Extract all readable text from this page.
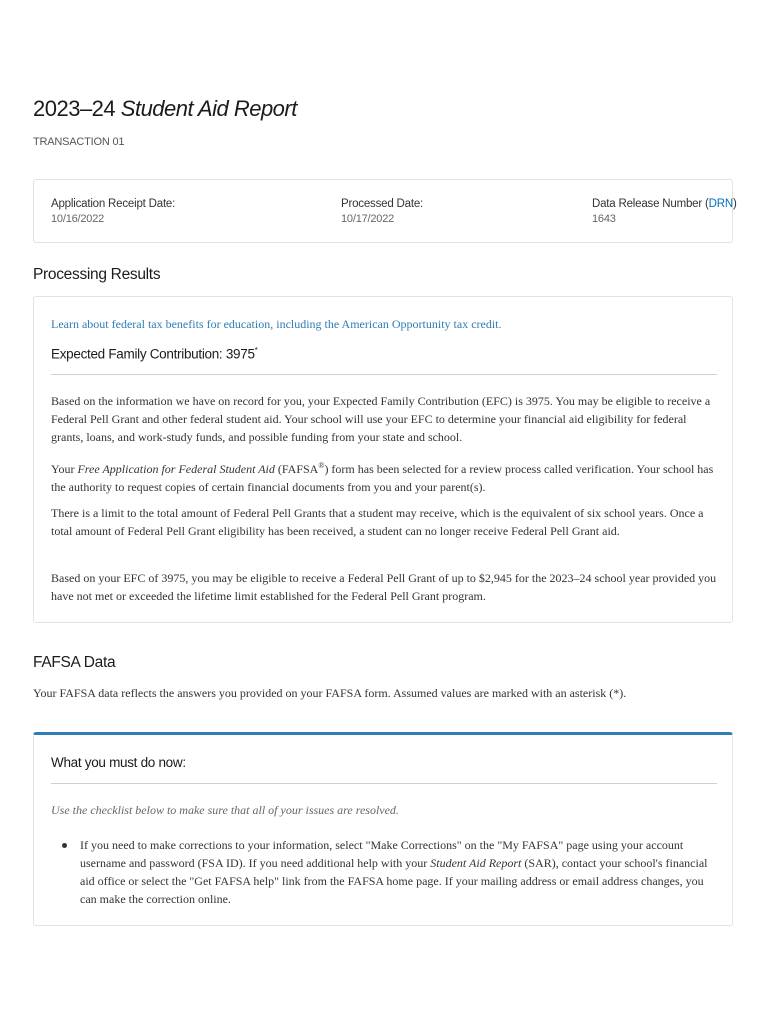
2023–24 Student Aid Report
TRANSACTION 01
Application Receipt Date:
10/16/2022
Processed Date:
10/17/2022
Data Release Number (DRN)
1643
Processing Results
Learn about federal tax benefits for education, including the American Opportunity tax credit.
Expected Family Contribution: 3975*
Based on the information we have on record for you, your Expected Family Contribution (EFC) is 3975. You may be eligible to receive a Federal Pell Grant and other federal student aid. Your school will use your EFC to determine your financial aid eligibility for federal grants, loans, and work-study funds, and possible funding from your state and school.
Your Free Application for Federal Student Aid (FAFSA®) form has been selected for a review process called verification. Your school has the authority to request copies of certain financial documents from you and your parent(s).
There is a limit to the total amount of Federal Pell Grants that a student may receive, which is the equivalent of six school years. Once a total amount of Federal Pell Grant eligibility has been received, a student can no longer receive Federal Pell Grant aid.
Based on your EFC of 3975, you may be eligible to receive a Federal Pell Grant of up to $2,945 for the 2023–24 school year provided you have not met or exceeded the lifetime limit established for the Federal Pell Grant program.
FAFSA Data
Your FAFSA data reflects the answers you provided on your FAFSA form. Assumed values are marked with an asterisk (*).
What you must do now:
Use the checklist below to make sure that all of your issues are resolved.
If you need to make corrections to your information, select "Make Corrections" on the "My FAFSA" page using your account username and password (FSA ID). If you need additional help with your Student Aid Report (SAR), contact your school's financial aid office or select the "Get FAFSA help" link from the FAFSA home page. If your mailing address or email address changes, you can make the correction online.
